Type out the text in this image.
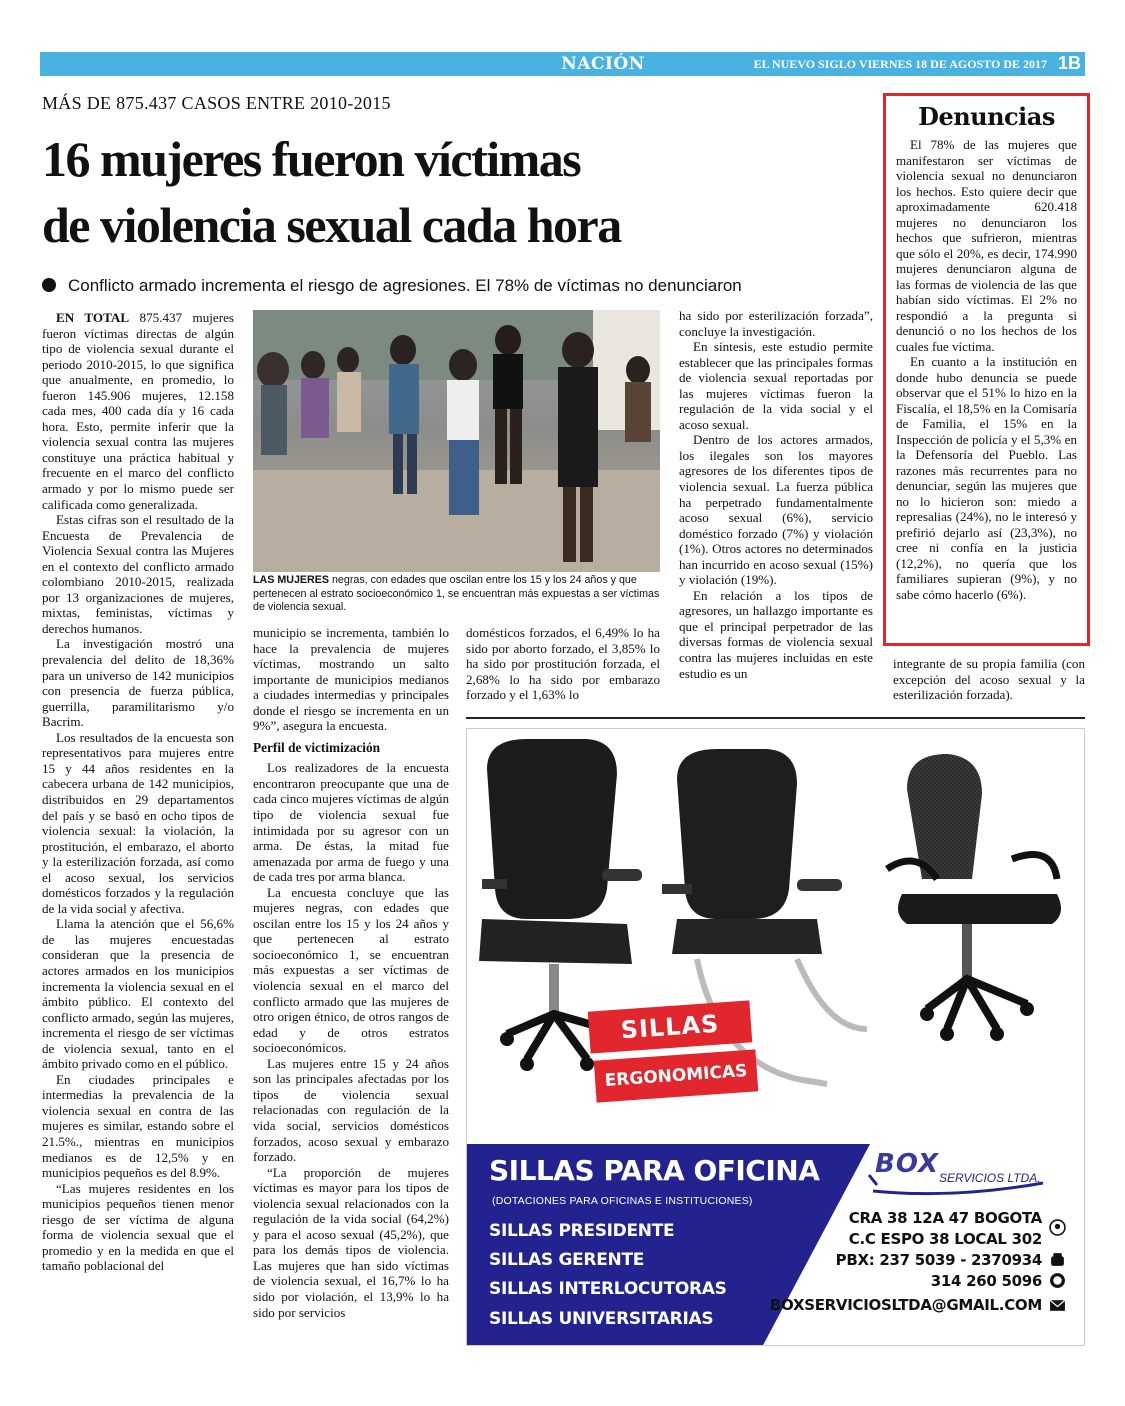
NACIÓN	EL NUEVO SIGLO VIERNES 18 DE AGOSTO DE 2017 1B
MÁS DE 875.437 CASOS ENTRE 2010-2015
16 mujeres fueron víctimas
de violencia sexual cada hora
Conflicto armado incrementa el riesgo de agresiones. El 78% de víctimas no denunciaron

EN TOTAL 875.437 mujeres fueron víctimas directas de algún tipo de violencia sexual durante el periodo 2010-2015, lo que significa que anualmente, en promedio, lo fueron 145.906 mujeres, 12.158 cada mes, 400 cada día y 16 cada hora. Esto, permite inferir que la violencia sexual contra las mujeres constituye una práctica habitual y frecuente en el marco del conflicto armado y por lo mismo puede ser calificada como generalizada.

Estas cifras son el resultado de la Encuesta de Prevalencia de Violencia Sexual contra las Mujeres en el contexto del conflicto armado colombiano 2010-2015, realizada por 13 organizaciones de mujeres, mixtas, feministas, víctimas y derechos humanos.

La investigación mostró una prevalencia del delito de 18,36% para un universo de 142 municipios con presencia de fuerza pública, guerrilla, paramilitarismo y/o Bacrim.

Los resultados de la encuesta son representativos para mujeres entre 15 y 44 años residentes en la cabecera urbana de 142 municipios, distribuidos en 29 departamentos del país y se basó en ocho tipos de violencia sexual: la violación, la prostitución, el embarazo, el aborto y la esterilización forzada, así como el acoso sexual, los servicios domésticos forzados y la regulación de la vida social y afectiva.

Llama la atención que el 56,6% de las mujeres encuestadas consideran que la presencia de actores armados en los municipios incrementa la violencia sexual en el ámbito público. El contexto del conflicto armado, según las mujeres, incrementa el riesgo de ser víctimas de violencia sexual, tanto en el ámbito privado como en el público.

En ciudades principales e intermedias la prevalencia de la violencia sexual en contra de las mujeres es similar, estando sobre el 21.5%., mientras en municipios medianos es de 12,5% y en municipios pequeños es del 8.9%.

“Las mujeres residentes en los municipios pequeños tienen menor riesgo de ser víctima de alguna forma de violencia sexual que el promedio y en la medida en que el tamaño poblacional del

LAS MUJERES negras, con edades que oscilan entre los 15 y los 24 años y que pertenecen al estrato socioeconómico 1, se encuentran más expuestas a ser víctimas de violencia sexual.

municipio se incrementa, también lo hace la prevalencia de mujeres víctimas, mostrando un salto importante de municipios medianos a ciudades intermedias y principales donde el riesgo se incrementa en un 9%”, asegura la encuesta.

Perfil de victimización

Los realizadores de la encuesta encontraron preocupante que una de cada cinco mujeres víctimas de algún tipo de violencia sexual fue intimidada por su agresor con un arma. De éstas, la mitad fue amenazada por arma de fuego y una de cada tres por arma blanca.

La encuesta concluye que las mujeres negras, con edades que oscilan entre los 15 y los 24 años y que pertenecen al estrato socioeconómico 1, se encuentran más expuestas a ser víctimas de violencia sexual en el marco del conflicto armado que las mujeres de otro origen étnico, de otros rangos de edad y de otros estratos socioeconómicos.

Las mujeres entre 15 y 24 años son las principales afectadas por los tipos de violencia sexual relacionadas con regulación de la vida social, servicios domésticos forzados, acoso sexual y embarazo forzado.

“La proporción de mujeres víctimas es mayor para los tipos de violencia sexual relacionados con la regulación de la vida social (64,2%) y para el acoso sexual (45,2%), que para los demás tipos de violencia. Las mujeres que han sido víctimas de violencia sexual, el 16,7% lo ha sido por violación, el 13,9% lo ha sido por servicios

domésticos forzados, el 6,49% lo ha sido por aborto forzado, el 3,85% lo ha sido por prostitución forzada, el 2,68% lo ha sido por embarazo forzado y el 1,63% lo

ha sido por esterilización forzada”, concluye la investigación.

En síntesis, este estudio permite establecer que las principales formas de violencia sexual reportadas por las mujeres víctimas fueron la regulación de la vida social y el acoso sexual.

Dentro de los actores armados, los ilegales son los mayores agresores de los diferentes tipos de violencia sexual. La fuerza pública ha perpetrado fundamentalmente acoso sexual (6%), servicio doméstico forzado (7%) y violación (1%). Otros actores no determinados han incurrido en acoso sexual (15%) y violación (19%).

En relación a los tipos de agresores, un hallazgo importante es que el principal perpetrador de las diversas formas de violencia sexual contra las mujeres incluidas en este estudio es un

integrante de su propia familia (con excepción del acoso sexual y la esterilización forzada).

Denuncias

El 78% de las mujeres que manifestaron ser víctimas de violencia sexual no denunciaron los hechos. Esto quiere decir que aproximadamente 620.418 mujeres no denunciaron los hechos que sufrieron, mientras que sólo el 20%, es decir, 174.990 mujeres denunciaron alguna de las formas de violencia de las que habían sido víctimas. El 2% no respondió a la pregunta si denunció o no los hechos de los cuales fue víctima.

En cuanto a la institución en donde hubo denuncia se puede observar que el 51% lo hizo en la Fiscalía, el 18,5% en la Comisaría de Familia, el 15% en la Inspección de policía y el 5,3% en la Defensoría del Pueblo. Las razones más recurrentes para no denunciar, según las mujeres que no lo hicieron son: miedo a represalias (24%), no le interesó y prefirió dejarlo así (23,3%), no cree ni confía en la justicia (12,2%), no quería que los familiares supieran (9%), y no sabe cómo hacerlo (6%).

SILLAS
ERGONOMICAS
SILLAS PARA OFICINA
(DOTACIONES PARA OFICINAS E INSTITUCIONES)
SILLAS PRESIDENTE
SILLAS GERENTE
SILLAS INTERLOCUTORAS
SILLAS UNIVERSITARIAS
BOX SERVICIOS LTDA.
CRA 38 12A 47 BOGOTA
C.C ESPO 38 LOCAL 302
PBX: 237 5039 - 2370934
314 260 5096
BOXSERVICIOSLTDA@GMAIL.COM
